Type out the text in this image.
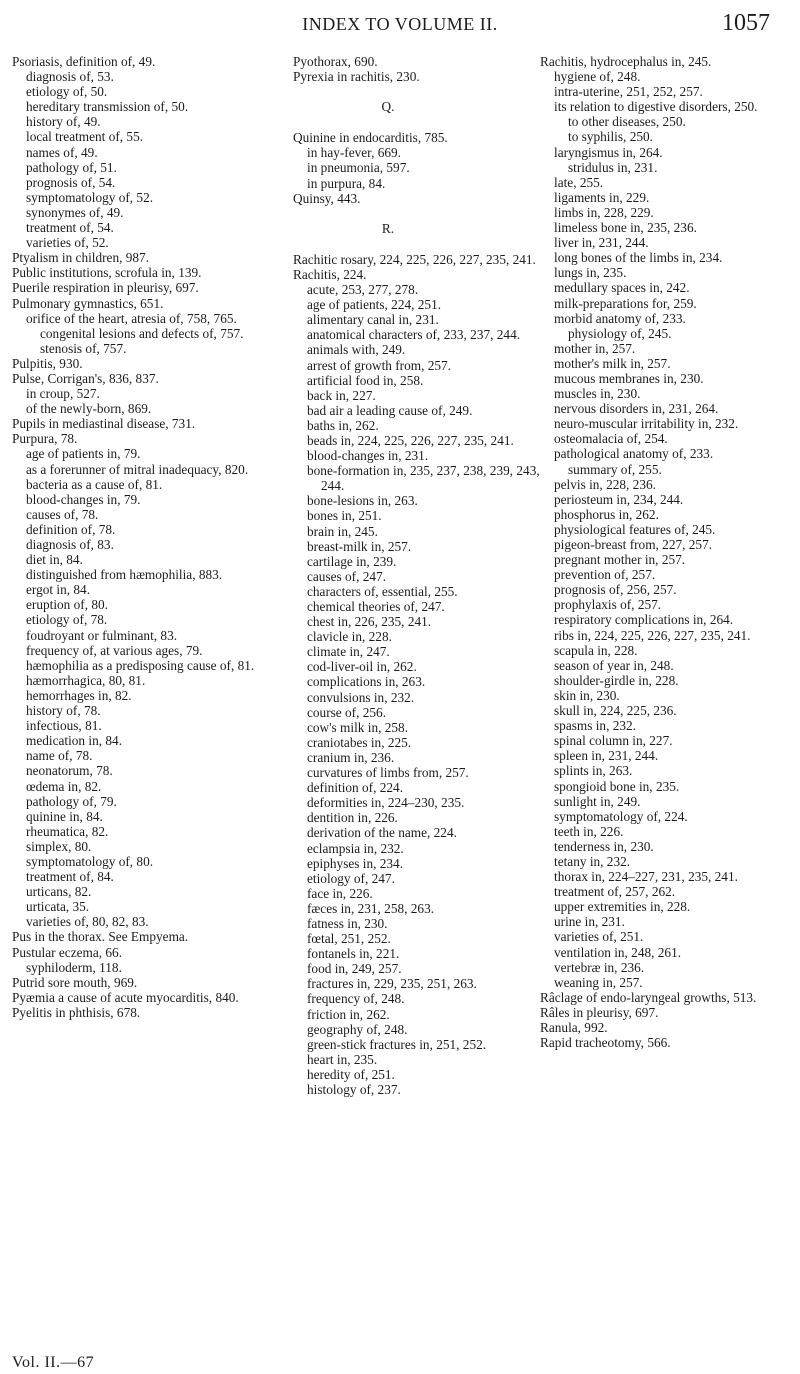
INDEX TO VOLUME II.	1057
Psoriasis, definition of, 49.
diagnosis of, 53.
etiology of, 50.
hereditary transmission of, 50.
history of, 49.
local treatment of, 55.
names of, 49.
pathology of, 51.
prognosis of, 54.
symptomatology of, 52.
synonymes of, 49.
treatment of, 54.
varieties of, 52.
Ptyalism in children, 987.
Public institutions, scrofula in, 139.
Puerile respiration in pleurisy, 697.
Pulmonary gymnastics, 651.
orifice of the heart, atresia of, 758, 765.
congenital lesions and defects of, 757.
stenosis of, 757.
Pulpitis, 930.
Pulse, Corrigan's, 836, 837.
in croup, 527.
of the newly-born, 869.
Pupils in mediastinal disease, 731.
Purpura, 78.
age of patients in, 79.
as a forerunner of mitral inadequacy, 820.
bacteria as a cause of, 81.
blood-changes in, 79.
causes of, 78.
definition of, 78.
diagnosis of, 83.
diet in, 84.
distinguished from hæmophilia, 883.
ergot in, 84.
eruption of, 80.
etiology of, 78.
foudroyant or fulminant, 83.
frequency of, at various ages, 79.
hæmophilia as a predisposing cause of, 81.
hæmorrhagica, 80, 81.
hemorrhages in, 82.
history of, 78.
infectious, 81.
medication in, 84.
name of, 78.
neonatorum, 78.
œdema in, 82.
pathology of, 79.
quinine in, 84.
rheumatica, 82.
simplex, 80.
symptomatology of, 80.
treatment of, 84.
urticans, 82.
urticata, 35.
varieties of, 80, 82, 83.
Pus in the thorax. See Empyema.
Pustular eczema, 66.
syphiloderm, 118.
Putrid sore mouth, 969.
Pyæmia a cause of acute myocarditis, 840.
Pyelitis in phthisis, 678.
Pyothorax, 690.
Pyrexia in rachitis, 230.
Q.
Quinine in endocarditis, 785.
in hay-fever, 669.
in pneumonia, 597.
in purpura, 84.
Quinsy, 443.
R.
Rachitic rosary, 224, 225, 226, 227, 235, 241.
Rachitis, 224.
acute, 253, 277, 278.
age of patients, 224, 251.
alimentary canal in, 231.
anatomical characters of, 233, 237, 244.
animals with, 249.
arrest of growth from, 257.
artificial food in, 258.
back in, 227.
bad air a leading cause of, 249.
baths in, 262.
beads in, 224, 225, 226, 227, 235, 241.
blood-changes in, 231.
bone-formation in, 235, 237, 238, 239, 243, 244.
bone-lesions in, 263.
bones in, 251.
brain in, 245.
breast-milk in, 257.
cartilage in, 239.
causes of, 247.
characters of, essential, 255.
chemical theories of, 247.
chest in, 226, 235, 241.
clavicle in, 228.
climate in, 247.
cod-liver-oil in, 262.
complications in, 263.
convulsions in, 232.
course of, 256.
cow's milk in, 258.
craniotabes in, 225.
cranium in, 236.
curvatures of limbs from, 257.
definition of, 224.
deformities in, 224–230, 235.
dentition in, 226.
derivation of the name, 224.
eclampsia in, 232.
epiphyses in, 234.
etiology of, 247.
face in, 226.
fæces in, 231, 258, 263.
fatness in, 230.
fœtal, 251, 252.
fontanels in, 221.
food in, 249, 257.
fractures in, 229, 235, 251, 263.
frequency of, 248.
friction in, 262.
geography of, 248.
green-stick fractures in, 251, 252.
heart in, 235.
heredity of, 251.
histology of, 237.
Rachitis, hydrocephalus in, 245.
hygiene of, 248.
intra-uterine, 251, 252, 257.
its relation to digestive disorders, 250.
to other diseases, 250.
to syphilis, 250.
laryngismus in, 264.
stridulus in, 231.
late, 255.
ligaments in, 229.
limbs in, 228, 229.
limeless bone in, 235, 236.
liver in, 231, 244.
long bones of the limbs in, 234.
lungs in, 235.
medullary spaces in, 242.
milk-preparations for, 259.
morbid anatomy of, 233.
physiology of, 245.
mother in, 257.
mother's milk in, 257.
mucous membranes in, 230.
muscles in, 230.
nervous disorders in, 231, 264.
neuro-muscular irritability in, 232.
osteomalacia of, 254.
pathological anatomy of, 233.
summary of, 255.
pelvis in, 228, 236.
periosteum in, 234, 244.
phosphorus in, 262.
physiological features of, 245.
pigeon-breast from, 227, 257.
pregnant mother in, 257.
prevention of, 257.
prognosis of, 256, 257.
prophylaxis of, 257.
respiratory complications in, 264.
ribs in, 224, 225, 226, 227, 235, 241.
scapula in, 228.
season of year in, 248.
shoulder-girdle in, 228.
skin in, 230.
skull in, 224, 225, 236.
spasms in, 232.
spinal column in, 227.
spleen in, 231, 244.
splints in, 263.
spongioid bone in, 235.
sunlight in, 249.
symptomatology of, 224.
teeth in, 226.
tenderness in, 230.
tetany in, 232.
thorax in, 224–227, 231, 235, 241.
treatment of, 257, 262.
upper extremities in, 228.
urine in, 231.
varieties of, 251.
ventilation in, 248, 261.
vertebræ in, 236.
weaning in, 257.
Râclage of endo-laryngeal growths, 513.
Râles in pleurisy, 697.
Ranula, 992.
Rapid tracheotomy, 566.
Vol. II.—67
